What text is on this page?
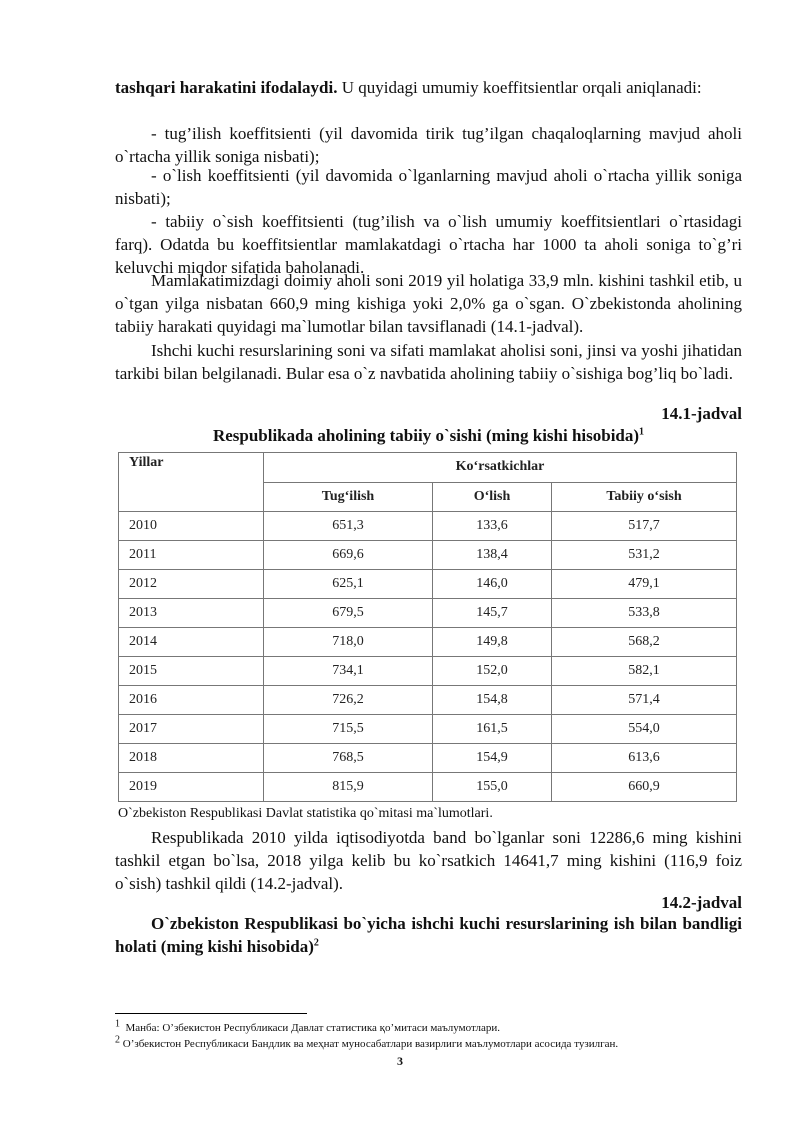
tashqari harakatini ifodalaydi. U quyidagi umumiy koeffitsientlar orqali aniqlanadi:

- tug’ilish koeffitsienti (yil davomida tirik tug’ilgan chaqaloqlarning mavjud aholi o`rtacha yillik soniga nisbati);

- o`lish koeffitsienti (yil davomida o`lganlarning mavjud aholi o`rtacha yillik soniga nisbati);

- tabiiy o`sish koeffitsienti (tug’ilish va o`lish umumiy koeffitsientlari o`rtasidagi farq). Odatda bu koeffitsientlar mamlakatdagi o`rtacha har 1000 ta aholi soniga to`g’ri keluvchi miqdor sifatida baholanadi.

Mamlakatimizdagi doimiy aholi soni 2019 yil holatiga 33,9 mln. kishini tashkil etib, u o`tgan yilga nisbatan 660,9 ming kishiga yoki 2,0% ga o`sgan. O`zbekistonda aholining tabiiy harakati quyidagi ma`lumotlar bilan tavsiflanadi (14.1-jadval).

Ishchi kuchi resurslarining soni va sifati mamlakat aholisi soni, jinsi va yoshi jihatidan tarkibi bilan belgilanadi. Bular esa o`z navbatida aholining tabiiy o`sishiga bog’liq bo`ladi.

14.1-jadval

Respublikada aholining tabiiy o`sishi (ming kishi hisobida)$^1$

Yillar	Ko‘rsatkichlar		
	Tug‘ilish	O‘lish	Tabiiy o‘sish
2010	651,3	133,6	517,7
2011	669,6	138,4	531,2
2012	625,1	146,0	479,1
2013	679,5	145,7	533,8
2014	718,0	149,8	568,2
2015	734,1	152,0	582,1
2016	726,2	154,8	571,4
2017	715,5	161,5	554,0
2018	768,5	154,9	613,6
2019	815,9	155,0	660,9

O`zbekiston Respublikasi Davlat statistika qo`mitasi ma`lumotlari.

Respublikada 2010 yilda iqtisodiyotda band bo`lganlar soni 12286,6 ming kishini tashkil etgan bo`lsa, 2018 yilga kelib bu ko`rsatkich 14641,7 ming kishini (116,9 foiz o`sish) tashkil qildi (14.2-jadval).

14.2-jadval

O`zbekiston Respublikasi bo`yicha ishchi kuchi resurslarining ish bilan bandligi holati (ming kishi hisobida)$^2$

$^1$ Манба: O’збекистон Республикаси Давлат статистика қо’митаси маълумотлари.

$^2$ O’збекистон Республикаси Бандлик ва меҳнат муносабатлари вазирлиги маълумотлари асосида тузилган.

3
